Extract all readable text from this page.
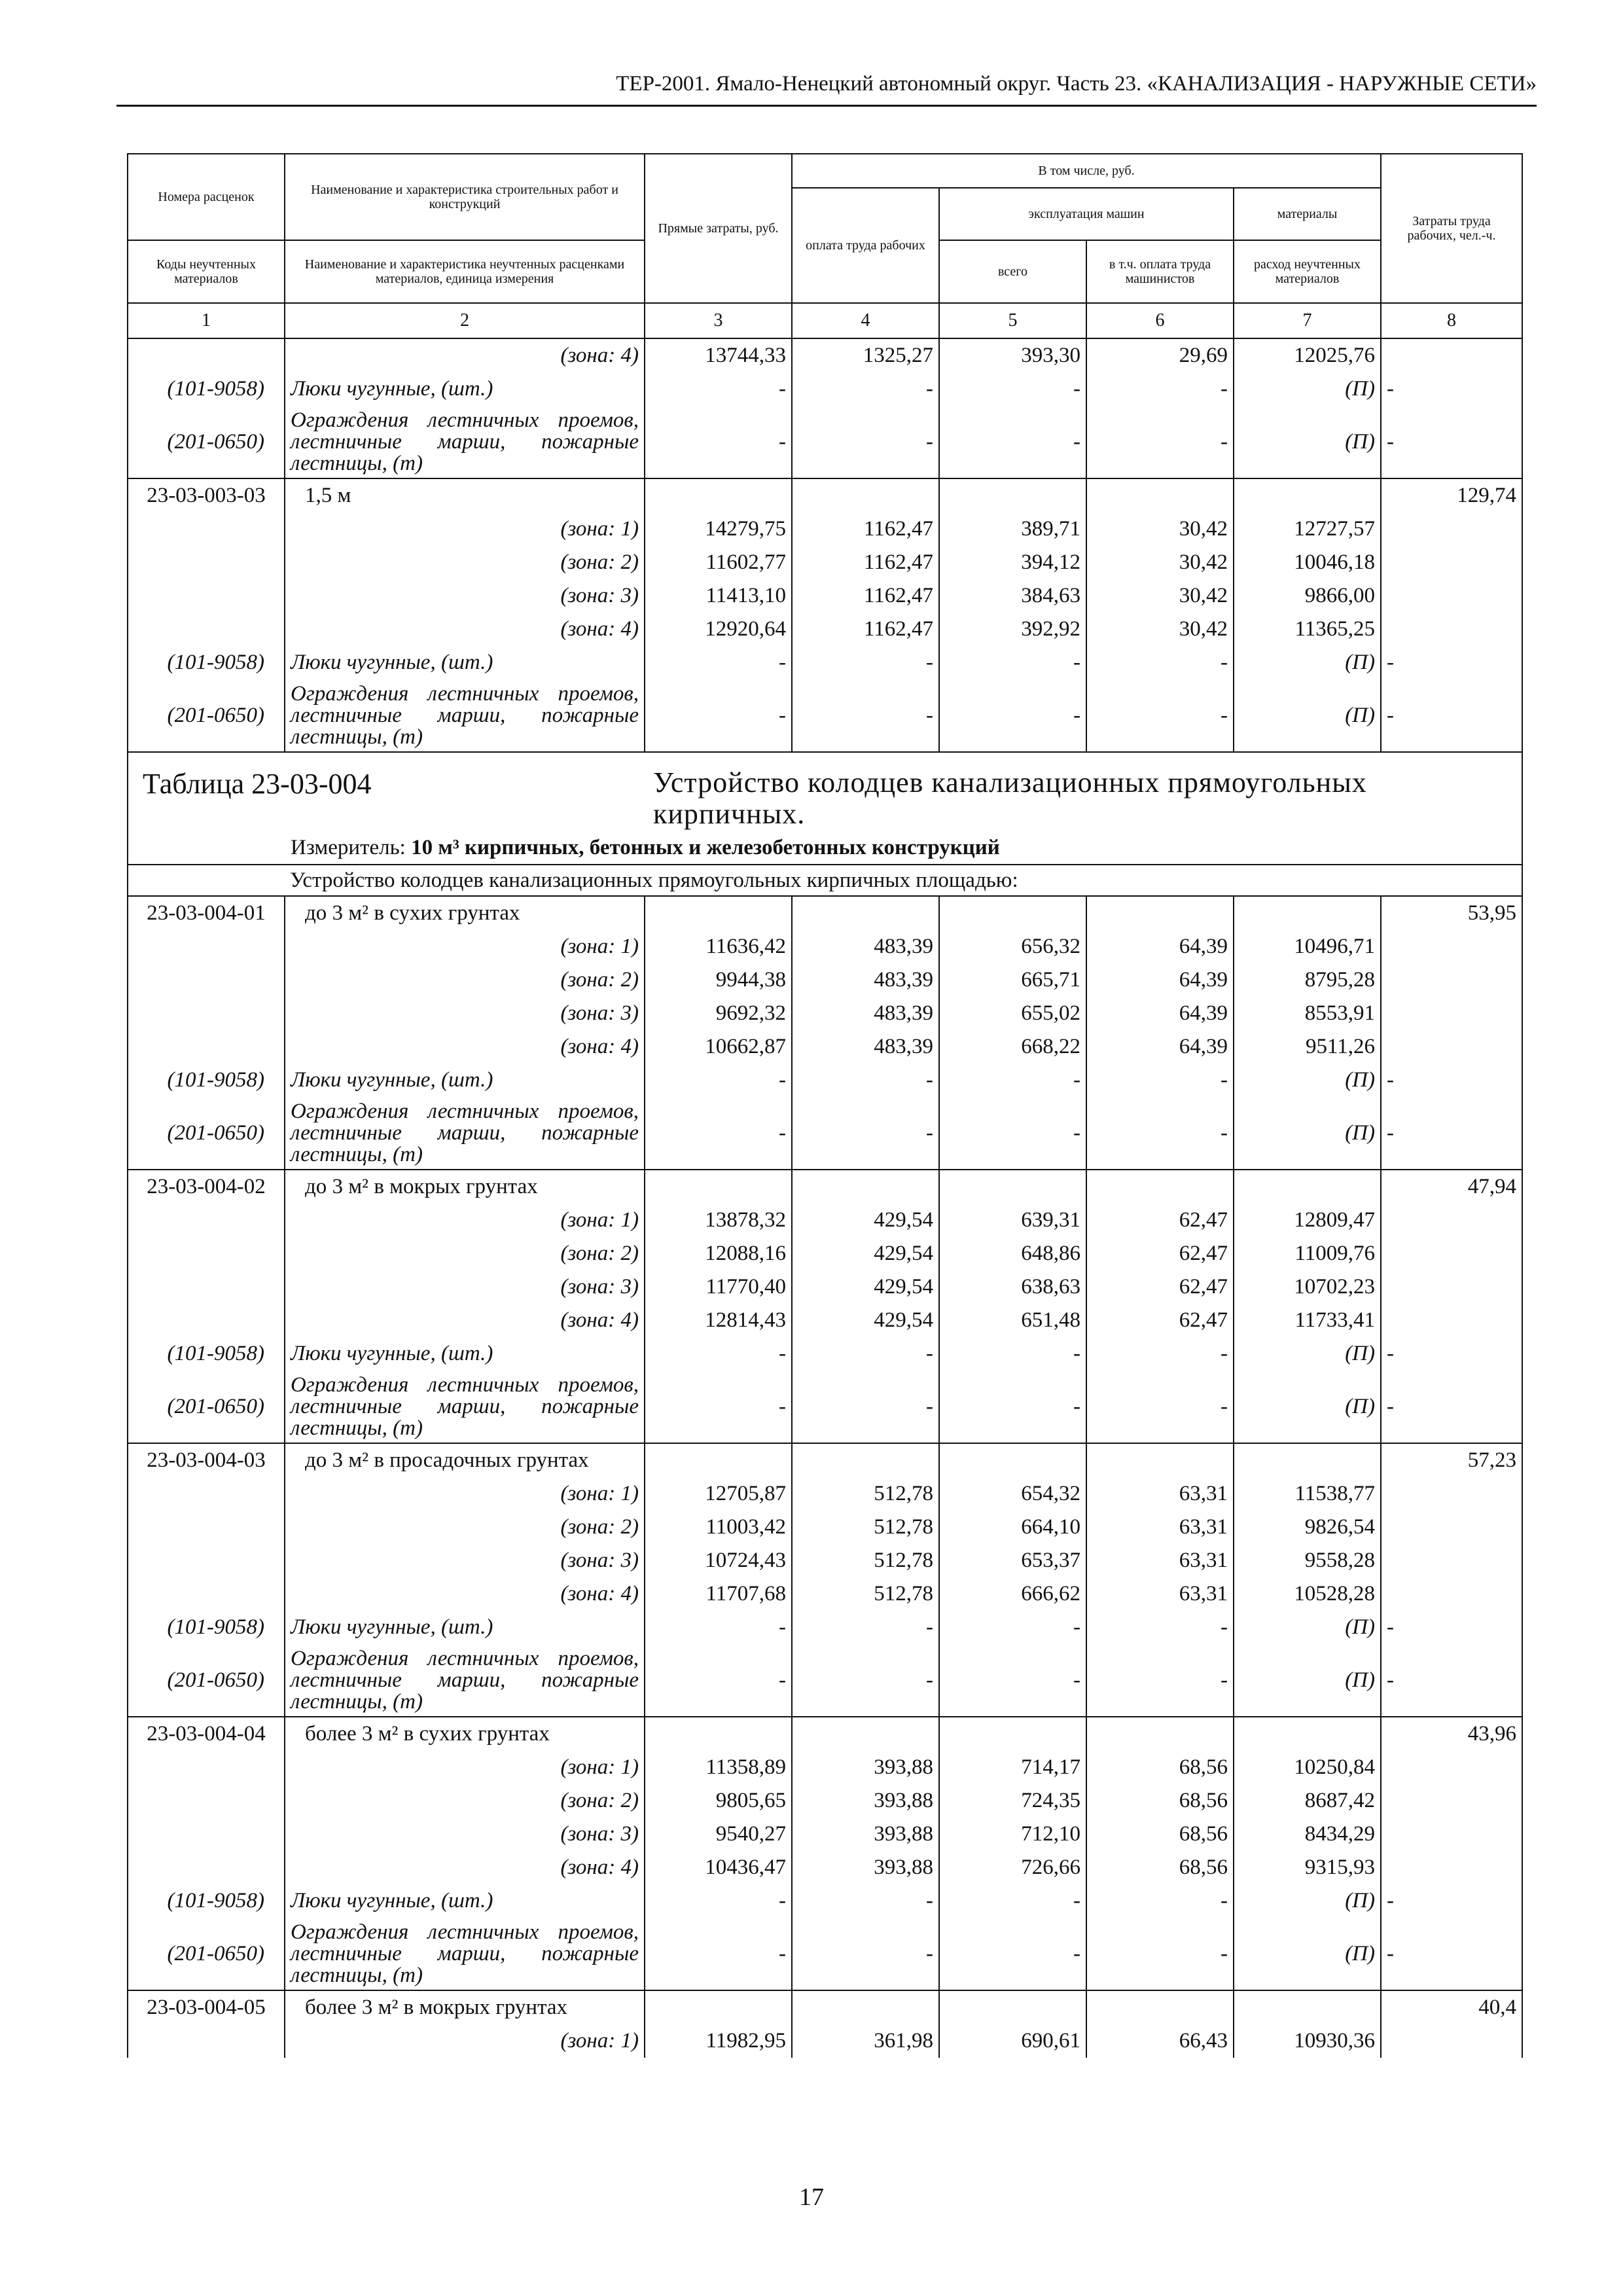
ТЕР-2001. Ямало-Ненецкий автономный округ. Часть 23. «КАНАЛИЗАЦИЯ - НАРУЖНЫЕ СЕТИ»
Номера расценок	Наименование и характеристика строительных работ и конструкций	Прямые затраты, руб.	В том числе, руб.				Затраты труда рабочих, чел.-ч.
			оплата труда рабочих	эксплуатация машин		материалы	
Коды неучтенных материалов	Наименование и характеристика неучтенных расценками материалов, единица измерения			всего	в т.ч. оплата труда машинистов	расход неучтенных материалов	
1	2	3	4	5	6	7	8
	(зона: 4)	13744,33	1325,27	393,30	29,69	12025,76	
(101-9058)	Люки чугунные, (шт.)	-	-	-	-	(П)	-
(201-0650)	Ограждения лестничных проемов, лестничные марши, пожарные лестницы, (т)	-	-	-	-	(П)	-
23-03-003-03	1,5 м						129,74
	(зона: 1)	14279,75	1162,47	389,71	30,42	12727,57	
	(зона: 2)	11602,77	1162,47	394,12	30,42	10046,18	
	(зона: 3)	11413,10	1162,47	384,63	30,42	9866,00	
	(зона: 4)	12920,64	1162,47	392,92	30,42	11365,25	
(101-9058)	Люки чугунные, (шт.)	-	-	-	-	(П)	-
(201-0650)	Ограждения лестничных проемов, лестничные марши, пожарные лестницы, (т)	-	-	-	-	(П)	-

Таблица 23-03-004 Устройство колодцев канализационных прямоугольных кирпичных.							

Измеритель: 10 м³ кирпичных, бетонных и железобетонных конструкций							
	Устройство колодцев канализационных прямоугольных кирпичных площадью:						
23-03-004-01	до 3 м² в сухих грунтах						53,95
	(зона: 1)	11636,42	483,39	656,32	64,39	10496,71	
	(зона: 2)	9944,38	483,39	665,71	64,39	8795,28	
	(зона: 3)	9692,32	483,39	655,02	64,39	8553,91	
	(зона: 4)	10662,87	483,39	668,22	64,39	9511,26	
(101-9058)	Люки чугунные, (шт.)	-	-	-	-	(П)	-
(201-0650)	Ограждения лестничных проемов, лестничные марши, пожарные лестницы, (т)	-	-	-	-	(П)	-
23-03-004-02	до 3 м² в мокрых грунтах						47,94
	(зона: 1)	13878,32	429,54	639,31	62,47	12809,47	
	(зона: 2)	12088,16	429,54	648,86	62,47	11009,76	
	(зона: 3)	11770,40	429,54	638,63	62,47	10702,23	
	(зона: 4)	12814,43	429,54	651,48	62,47	11733,41	
(101-9058)	Люки чугунные, (шт.)	-	-	-	-	(П)	-
(201-0650)	Ограждения лестничных проемов, лестничные марши, пожарные лестницы, (т)	-	-	-	-	(П)	-
23-03-004-03	до 3 м² в просадочных грунтах						57,23
	(зона: 1)	12705,87	512,78	654,32	63,31	11538,77	
	(зона: 2)	11003,42	512,78	664,10	63,31	9826,54	
	(зона: 3)	10724,43	512,78	653,37	63,31	9558,28	
	(зона: 4)	11707,68	512,78	666,62	63,31	10528,28	
(101-9058)	Люки чугунные, (шт.)	-	-	-	-	(П)	-
(201-0650)	Ограждения лестничных проемов, лестничные марши, пожарные лестницы, (т)	-	-	-	-	(П)	-
23-03-004-04	более 3 м² в сухих грунтах						43,96
	(зона: 1)	11358,89	393,88	714,17	68,56	10250,84	
	(зона: 2)	9805,65	393,88	724,35	68,56	8687,42	
	(зона: 3)	9540,27	393,88	712,10	68,56	8434,29	
	(зона: 4)	10436,47	393,88	726,66	68,56	9315,93	
(101-9058)	Люки чугунные, (шт.)	-	-	-	-	(П)	-
(201-0650)	Ограждения лестничных проемов, лестничные марши, пожарные лестницы, (т)	-	-	-	-	(П)	-
23-03-004-05	более 3 м² в мокрых грунтах						40,4
	(зона: 1)	11982,95	361,98	690,61	66,43	10930,36	
17
